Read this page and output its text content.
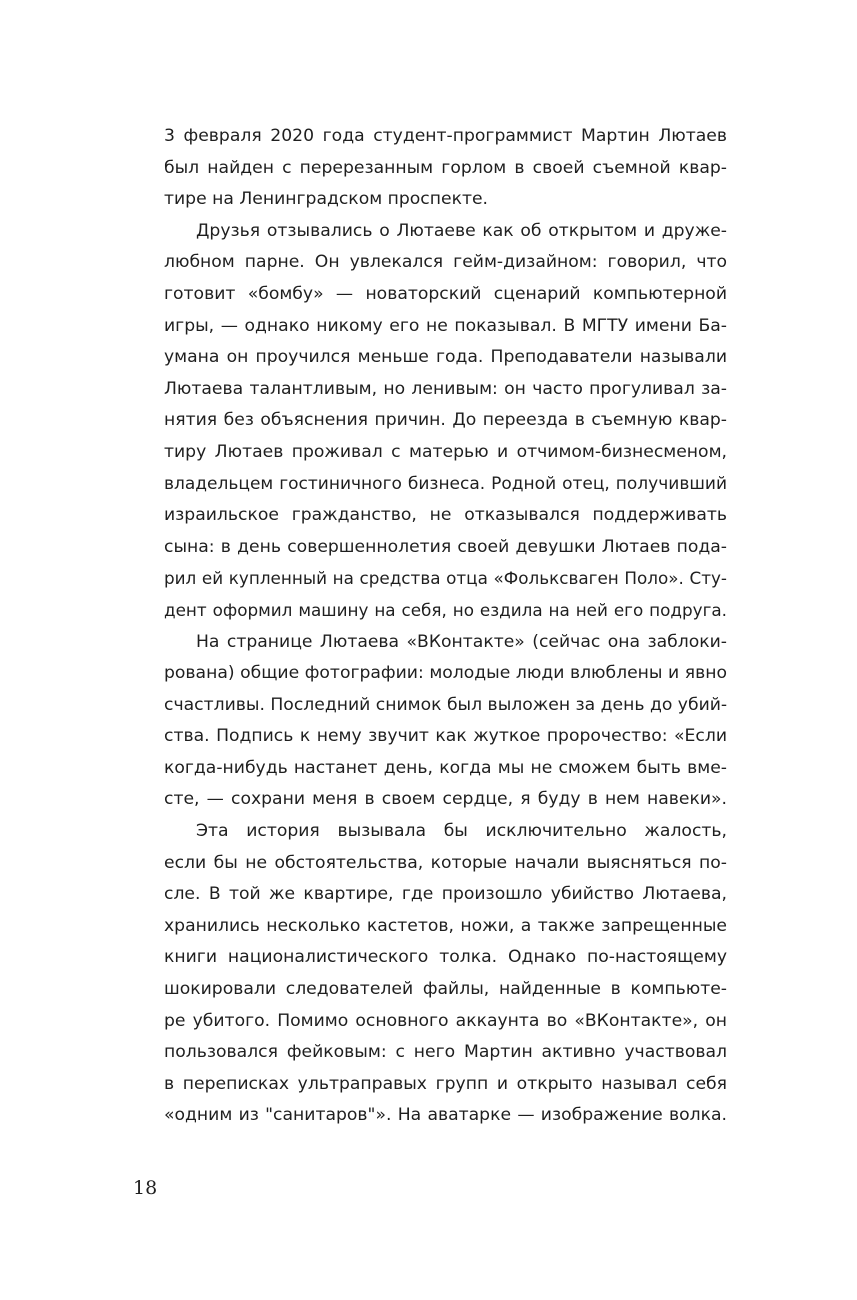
3 февраля 2020 года студент-программист Мартин Лютаев
был найден с перерезанным горлом в своей съемной квар-
тире на Ленинградском проспекте.
Друзья отзывались о Лютаеве как об открытом и друже-
любном парне. Он увлекался гейм-дизайном: говорил, что
готовит «бомбу» — новаторский сценарий компьютерной
игры, — однако никому его не показывал. В МГТУ имени Ба-
умана он проучился меньше года. Преподаватели называли
Лютаева талантливым, но ленивым: он часто прогуливал за-
нятия без объяснения причин. До переезда в съемную квар-
тиру Лютаев проживал с матерью и отчимом-бизнесменом,
владельцем гостиничного бизнеса. Родной отец, получивший
израильское гражданство, не отказывался поддерживать
сына: в день совершеннолетия своей девушки Лютаев пода-
рил ей купленный на средства отца «Фольксваген Поло». Сту-
дент оформил машину на себя, но ездила на ней его подруга.
На странице Лютаева «ВКонтакте» (сейчас она заблоки-
рована) общие фотографии: молодые люди влюблены и явно
счастливы. Последний снимок был выложен за день до убий-
ства. Подпись к нему звучит как жуткое пророчество: «Если
когда-нибудь настанет день, когда мы не сможем быть вме-
сте, — сохрани меня в своем сердце, я буду в нем навеки».
Эта история вызывала бы исключительно жалость,
если бы не обстоятельства, которые начали выясняться по-
сле. В той же квартире, где произошло убийство Лютаева,
хранились несколько кастетов, ножи, а также запрещенные
книги националистического толка. Однако по-настоящему
шокировали следователей файлы, найденные в компьюте-
ре убитого. Помимо основного аккаунта во «ВКонтакте», он
пользовался фейковым: с него Мартин активно участвовал
в переписках ультраправых групп и открыто называл себя
«одним из "санитаров"». На аватарке — изображение волка.
18
